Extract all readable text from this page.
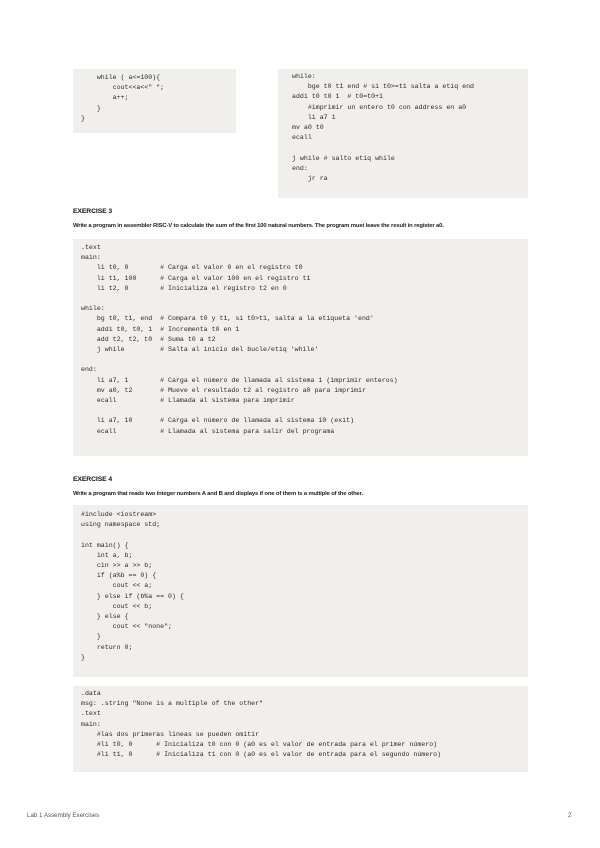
while ( a<=100){
cout<<a<<" ";
a++;
}
}
while:
bge t0 t1 end # si t0>=t1 salta a etiq end
addi t0 t0 1  # t0=t0+1
#imprimir un entero t0 con address en a0
li a7 1
mv a0 t0
ecall
j while # salto etiq while
end:
jr ra
EXERCISE 3
Write a program in assembler RISC-V to calculate the sum of the first 100 natural numbers. The program must leave the result in register a0.
.text
main:
li t0, 0        # Carga el valor 0 en el registro t0
li t1, 100      # Carga el valor 100 en el registro t1
li t2, 0        # Inicializa el registro t2 en 0
while:
bg t0, t1, end  # Compara t0 y t1, si t0>t1, salta a la etiqueta 'end'
addi t0, t0, 1  # Incrementa t0 en 1
add t2, t2, t0  # Suma t0 a t2
j while         # Salta al inicio del bucle/etiq 'while'
end:
li a7, 1        # Carga el número de llamada al sistema 1 (imprimir enteros)
mv a0, t2       # Mueve el resultado t2 al registro a0 para imprimir
ecall           # Llamada al sistema para imprimir
li a7, 10       # Carga el número de llamada al sistema 10 (exit)
ecall           # Llamada al sistema para salir del programa
EXERCISE 4
Write a program that reads two integer numbers A and B and displays if one of them is a multiple of the other.
#include <iostream>
using namespace std;
int main() {
int a, b;
cin >> a >> b;
if (a%b == 0) {
cout << a;
} else if (b%a == 0) {
cout << b;
} else {
cout << "none";
}
return 0;
}
.data
msg: .string "None is a multiple of the other"
.text
main:
#las dos primeras lineas se pueden omitir
#li t0, 0      # Inicializa t0 con 0 (a0 es el valor de entrada para el primer número)
#li t1, 0      # Inicializa t1 con 0 (a0 es el valor de entrada para el segundo número)
Lab 1 Assembly Exercises	2
